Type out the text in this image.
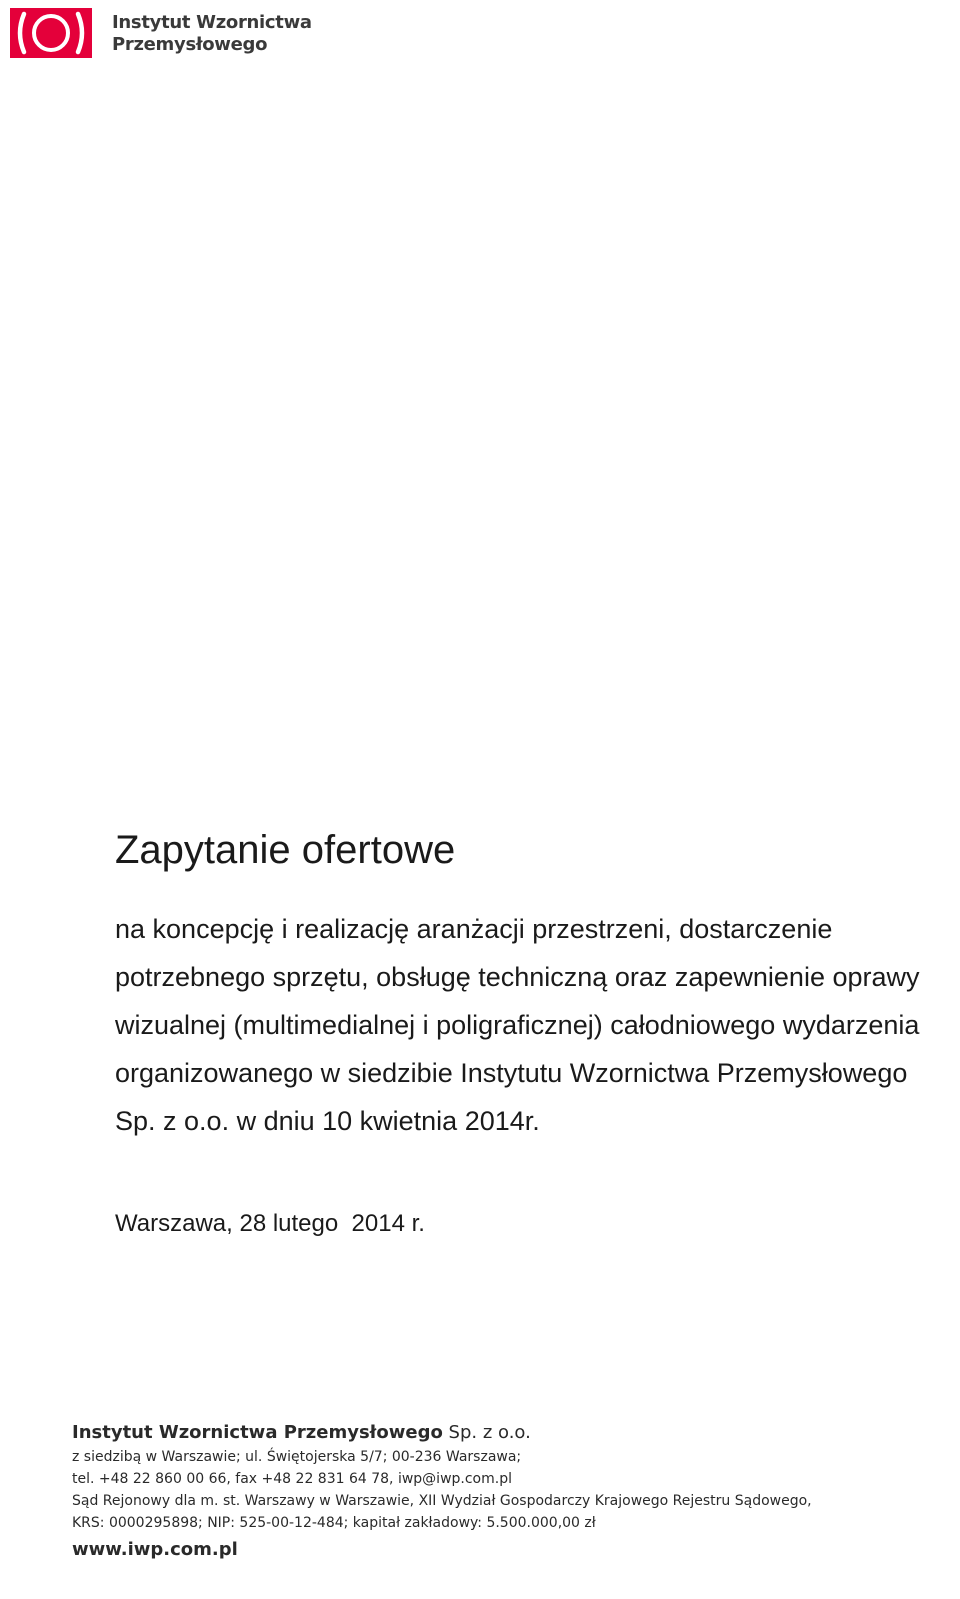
Instytut Wzornictwa
Przemysłowego
Zapytanie ofertowe
na koncepcję i realizację aranżacji przestrzeni, dostarczenie
potrzebnego sprzętu, obsługę techniczną oraz zapewnienie oprawy
wizualnej (multimedialnej i poligraficznej) całodniowego wydarzenia
organizowanego w siedzibie Instytutu Wzornictwa Przemysłowego
Sp. z o.o. w dniu 10 kwietnia 2014r.

Warszawa, 28 lutego  2014 r.

Instytut Wzornictwa Przemysłowego Sp. z o.o.

z siedzibą w Warszawie; ul. Świętojerska 5/7; 00-236 Warszawa;

tel. +48 22 860 00 66, fax +48 22 831 64 78, iwp@iwp.com.pl

Sąd Rejonowy dla m. st. Warszawy w Warszawie, XII Wydział Gospodarczy Krajowego Rejestru Sądowego,

KRS: 0000295898; NIP: 525-00-12-484; kapitał zakładowy: 5.500.000,00 zł

www.iwp.com.pl
